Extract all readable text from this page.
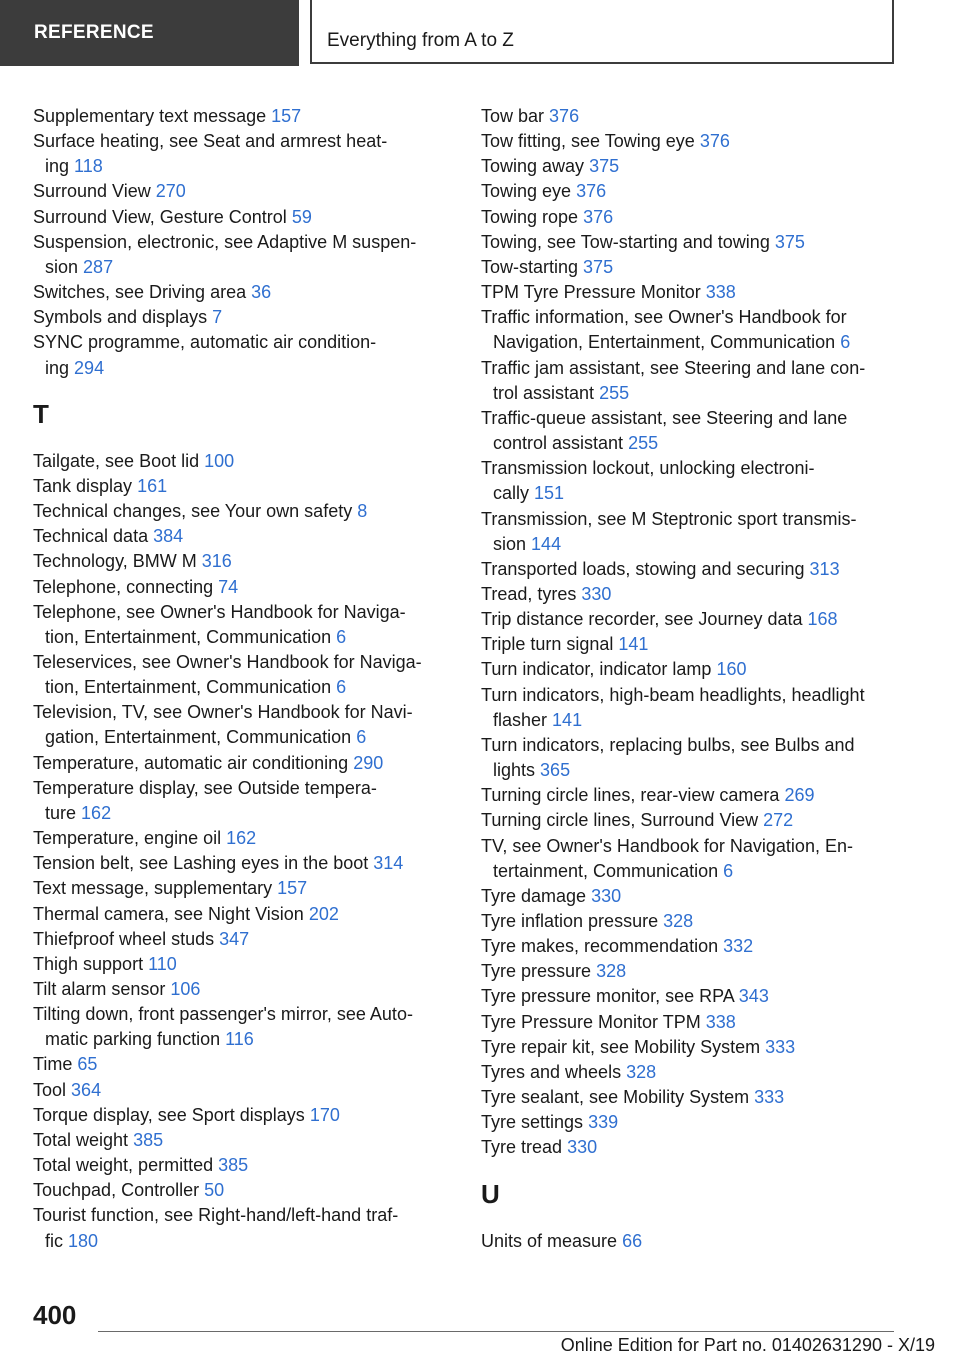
REFERENCE	Everything from A to Z
Supplementary text message 157
Surface heating, see Seat and armrest heat-
ing 118
Surround View 270
Surround View, Gesture Control 59
Suspension, electronic, see Adaptive M suspen-
sion 287
Switches, see Driving area 36
Symbols and displays 7
SYNC programme, automatic air condition-
ing 294
T
Tailgate, see Boot lid 100
Tank display 161
Technical changes, see Your own safety 8
Technical data 384
Technology, BMW M 316
Telephone, connecting 74
Telephone, see Owner's Handbook for Naviga-
tion, Entertainment, Communication 6
Teleservices, see Owner's Handbook for Naviga-
tion, Entertainment, Communication 6
Television, TV, see Owner's Handbook for Navi-
gation, Entertainment, Communication 6
Temperature, automatic air conditioning 290
Temperature display, see Outside tempera-
ture 162
Temperature, engine oil 162
Tension belt, see Lashing eyes in the boot 314
Text message, supplementary 157
Thermal camera, see Night Vision 202
Thiefproof wheel studs 347
Thigh support 110
Tilt alarm sensor 106
Tilting down, front passenger's mirror, see Auto-
matic parking function 116
Time 65
Tool 364
Torque display, see Sport displays 170
Total weight 385
Total weight, permitted 385
Touchpad, Controller 50
Tourist function, see Right-hand/left-hand traf-
fic 180
Tow bar 376
Tow fitting, see Towing eye 376
Towing away 375
Towing eye 376
Towing rope 376
Towing, see Tow-starting and towing 375
Tow-starting 375
TPM Tyre Pressure Monitor 338
Traffic information, see Owner's Handbook for
Navigation, Entertainment, Communication 6
Traffic jam assistant, see Steering and lane con-
trol assistant 255
Traffic-queue assistant, see Steering and lane
control assistant 255
Transmission lockout, unlocking electroni-
cally 151
Transmission, see M Steptronic sport transmis-
sion 144
Transported loads, stowing and securing 313
Tread, tyres 330
Trip distance recorder, see Journey data 168
Triple turn signal 141
Turn indicator, indicator lamp 160
Turn indicators, high-beam headlights, headlight
flasher 141
Turn indicators, replacing bulbs, see Bulbs and
lights 365
Turning circle lines, rear-view camera 269
Turning circle lines, Surround View 272
TV, see Owner's Handbook for Navigation, En-
tertainment, Communication 6
Tyre damage 330
Tyre inflation pressure 328
Tyre makes, recommendation 332
Tyre pressure 328
Tyre pressure monitor, see RPA 343
Tyre Pressure Monitor TPM 338
Tyre repair kit, see Mobility System 333
Tyres and wheels 328
Tyre sealant, see Mobility System 333
Tyre settings 339
Tyre tread 330
U
Units of measure 66
400
Online Edition for Part no. 01402631290 - X/19
